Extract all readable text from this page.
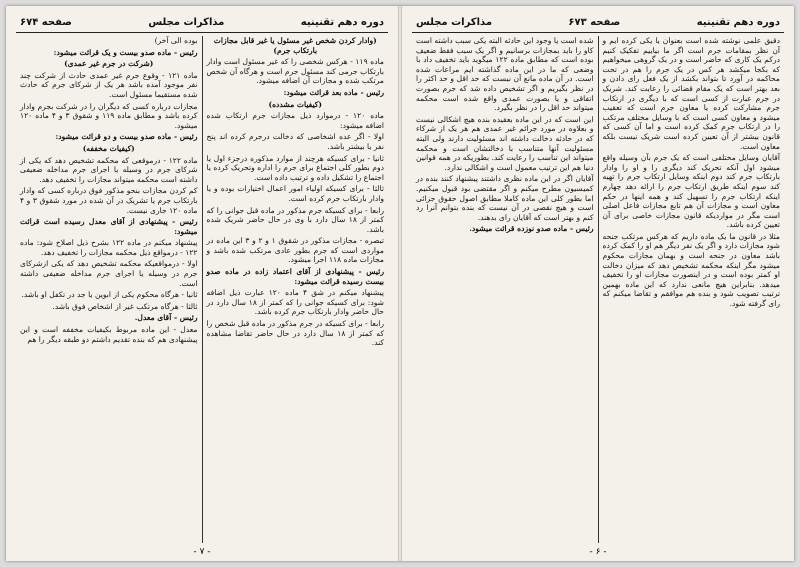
صفحه ۶۷۴	مذاکرات مجلس	دوره دهم تقنینیه

(وادار کردن شخص غیر مسئول یا غیر قابل مجازات بارتکاب جرم)

ماده ۱۱۹ - هرکس شخصی را که غیر مسئول است وادار بارتکاب جرمی کند مسئول جرم است و هرگاه آن شخص مرتکب شده و مجازات آن اضافه میشود.

رئیس - ماده بعد قرائت میشود:

(کیفیات مشدده)

ماده ۱۲۰ - درموارد ذیل مجازات جرم ارتکاب شده اضافه میشود:

اولا - اگر عده اشخاصی که دخالت درجرم کرده اند پنج نفر یا بیشتر باشد.

ثانیا - برای کسیکه هرچند از موارد مذکوره درجزء اول یا دوم بطور کلی اجتماع برای جرم را اداره وتحریک کرده یا اجتماع را تشکیل داده و ترتیب داده است.

ثالثا - برای کسیکه اولیاء امور اعمال اختیارات بوده و یا وادار بارتکاب جرم کرده است.

رابعا - برای کسیکه جرم مذکور در ماده قبل جوانی را که کمتر از ۱۸ سال دارد با وی در حال حاضر شریک شده باشد.

تبصره - مجازات مذکور در شقوق ۱ و ۲ و ۳ این ماده در مواردی است که جرم بطور عادی مرتکب شده باشد و مجازات ماده ۱۱۸ اجرا میشود.

رئیس - پیشنهادی از آقای اعتماد زاده در ماده صدو بیست رسیده قرائت میشود:

پیشنهاد میکنم در شق ۴ ماده ۱۲۰ عبارت ذیل اضافه شود: برای کسیکه جوانی را که کمتر از ۱۸ سال دارد در حال حاضر وادار بارتکاب جرم کرده باشد.

رابعا - برای کسیکه در جرم مذکور در ماده قبل شخص را که کمتر از ۱۸ سال دارد در حال حاضر تقاضا مشاهده کند.

بوده الی آخر)

رئیس - ماده صدو بیست و یک قرائت میشود:

(شرکت در جرم غیر عمدی)

ماده ۱۲۱ - وقوع جرم غیر عمدی حادث از شرکت چند نفر موجود آمده باشد هر یک از شرکای جرم که حادث شده مستقیما مسئول است.

مجازات درباره کسی که دیگران را در شرکت بجرم وادار کرده باشد و مطابق ماده ۱۱۹ و شقوق ۳ و ۴ ماده ۱۲۰ میشود.

رئیس - ماده صدو بیست و دو قرائت میشود:

(کیفیات مخففه)

ماده ۱۲۲ - درموقعی که محکمه تشخیص دهد که یکی از شرکای جرم در وسیله یا اجرای جرم مداخله ضعیفی داشته است محکمه میتواند مجازات را تخفیف دهد.

کم کردن مجازات بنحو مذکور فوق درباره کسی که وادار بارتکاب جرم یا تشریک در آن شده در مورد شقوق ۳ و ۴ ماده ۱۲۰ جاری نیست.

رئیس - پیشنهادی از آقای معدل رسیده است قرائت میشود:

پیشنهاد میکنم در ماده ۱۲۲ بشرح ذیل اصلاح شود: ماده ۱۲۲ - درمواقع ذیل محکمه مجازات را تخفیف دهد.

اولا - درمواقعیکه محکمه تشخیص دهد که یکی ازشرکای جرم در وسیله یا اجرای جرم مداخله ضعیفی داشته است.

ثانیا - هرگاه محکوم یکی از ابوین یا جد در تکفل او باشد.

ثالثا - هرگاه مرتکب غیر از اشخاص فوق باشد.

رئیس - آقای معدل.

معدل - این ماده مربوط بکیفیات مخففه است و این پیشنهادی هم که بنده تقدیم داشتم دو طبقه دیگر را هم

- ۷ -
مذاکرات مجلس	صفحه ۶۷۳	دوره دهم تقنینیه

دقیق علمی نوشته شده است بعنوان یا یکی کرده ایم و آن نظر بمقامات جرم است اگر ما بیاییم تفکیک کنیم درکم یک کاری که حاضر است و در یک گروهی میخواهیم که بکجا میکشد هر کس در یک جرم را هم در تحت محاکمه در آورد تا بتواند بکشد از یک فعل رای دادن و بعد بهتر است که یک مقام قضائی را رعایت کند. شریک در جرم عبارت از کسی است که با دیگری در ارتکاب جرم مشارکت کرده یا معاون جرم است که تعقیب میشود و معاون کسی است که با وسایل مختلف مرتکب را در ارتکاب جرم کمک کرده است و اما آن کسی که قانون بیشتر از آن تعیین کرده است شریک نیست بلکه معاون است.

آقایان وسایل مختلفی است که یک جرم بآن وسیله واقع میشود اول آنکه تحریک کند دیگری را و او را وادار بارتکاب جرم کند دوم اینکه وسایل ارتکاب جرم را تهیه کند سوم اینکه طریق ارتکاب جرم را ارائه دهد چهارم اینکه ارتکاب جرم را تسهیل کند و همه اینها در حکم معاون است و مجازات آن هم تابع مجازات فاعل اصلی است مگر در مواردیکه قانون مجازات خاصی برای آن تعیین کرده باشد.

مثلا در قانون ما یک ماده داریم که هرکس مرتکب جنحه شود مجازات دارد و اگر یک نفر دیگر هم او را کمک کرده باشد معاون در جنحه است و بهمان مجازات محکوم میشود مگر اینکه محکمه تشخیص دهد که میزان دخالت او کمتر بوده است و در اینصورت مجازات او را تخفیف میدهد. بنابراین هیچ مانعی ندارد که این ماده بهمین ترتیب تصویب شود و بنده هم موافقم و تقاضا میکنم که رای گرفته شود.

شده است یا وجود این حادثه البته یکی سبب داشته است کاو را باید بمجازات برسانیم و اگر یک سبب فقط ضعیف بوده است که مطابق ماده ۱۲۲ میگوید باید تخفیف داد با وضعی که ما در این ماده گذاشته ایم مراعات شده است. در آن ماده مانع آن نیست که حد اقل و حد اکثر را در نظر بگیریم و اگر تشخیص داده شد که جرم بصورت اتفاقی و یا بصورت عمدی واقع شده است محکمه میتواند حد اقل را در نظر بگیرد.

این است که در این ماده بعقیده بنده هیچ اشکالی نیست و بعلاوه در مورد جرائم غیر عمدی هم هر یک از شرکاء که در حادثه دخالت داشته اند مسئولیت دارند ولی البته مسئولیت آنها متناسب با دخالتشان است و محکمه میتواند این تناسب را رعایت کند. بطوریکه در همه قوانین دنیا هم این ترتیب معمول است و اشکالی ندارد.

آقایان اگر در این ماده نظری داشتند پیشنهاد کنند بنده در کمیسیون مطرح میکنم و اگر مقتضی بود قبول میکنیم. اما بطور کلی این ماده کاملا مطابق اصول حقوق جزائی است و هیچ نقصی در آن نیست که بنده بتوانم آنرا رد کنم و بهتر است که آقایان رای بدهند.

رئیس - ماده صدو نوزده قرائت میشود.

- ۶ -
